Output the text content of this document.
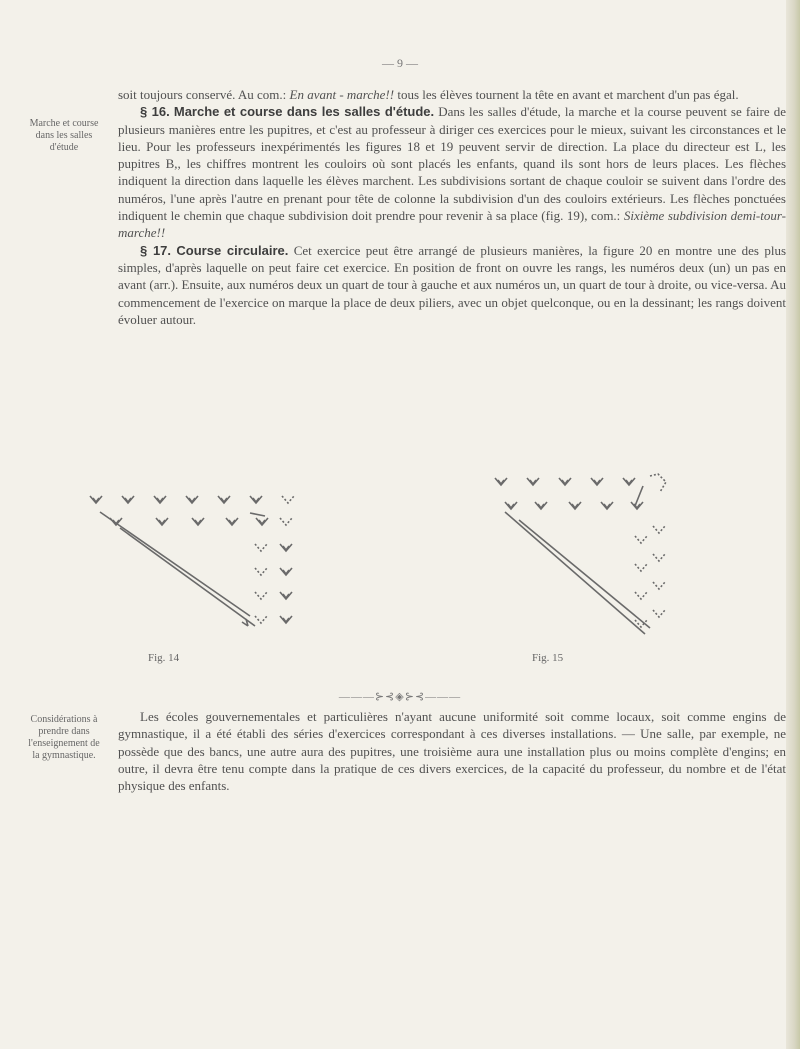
— 9 —
Marche et course dans les salles d'étude

soit toujours conservé. Au com.: En avant - marche!! tous les élèves tournent la tête en avant et marchent d'un pas égal.

§ 16. Marche et course dans les salles d'étude. Dans les salles d'étude, la marche et la course peuvent se faire de plusieurs manières entre les pupitres, et c'est au professeur à diriger ces exercices pour le mieux, suivant les circonstances et le lieu. Pour les professeurs inexpérimentés les figures 18 et 19 peuvent servir de direction. La place du directeur est L, les pupitres B,, les chiffres montrent les couloirs où sont placés les enfants, quand ils sont hors de leurs places. Les flèches indiquent la direction dans laquelle les élèves marchent. Les subdivisions sortant de chaque couloir se suivent dans l'ordre des numéros, l'une après l'autre en prenant pour tête de colonne la subdivision d'un des couloirs extérieurs. Les flèches ponctuées indiquent le chemin que chaque subdivision doit prendre pour revenir à sa place (fig. 19), com.: Sixième subdivision demi-tour-marche!!

§ 17. Course circulaire. Cet exercice peut être arrangé de plusieurs manières, la figure 20 en montre une des plus simples, d'après laquelle on peut faire cet exercice. En position de front on ouvre les rangs, les numéros deux (un) un pas en avant (arr.). Ensuite, aux numéros deux un quart de tour à gauche et aux numéros un, un quart de tour à droite, ou vice-versa. Au commencement de l'exercice on marque la place de deux piliers, avec un objet quelconque, ou en la dessinant; les rangs doivent évoluer autour.

Fig. 14	Fig. 15
———⊱⊰◈⊱⊰———
Considérations à prendre dans l'enseignement de la gymnastique.

Les écoles gouvernementales et particulières n'ayant aucune uniformité soit comme locaux, soit comme engins de gymnastique, il a été établi des séries d'exercices correspondant à ces diverses installations. — Une salle, par exemple, ne possède que des bancs, une autre aura des pupitres, une troisième aura une installation plus ou moins complète d'engins; en outre, il devra être tenu compte dans la pratique de ces divers exercices, de la capacité du professeur, du nombre et de l'état physique des enfants.
